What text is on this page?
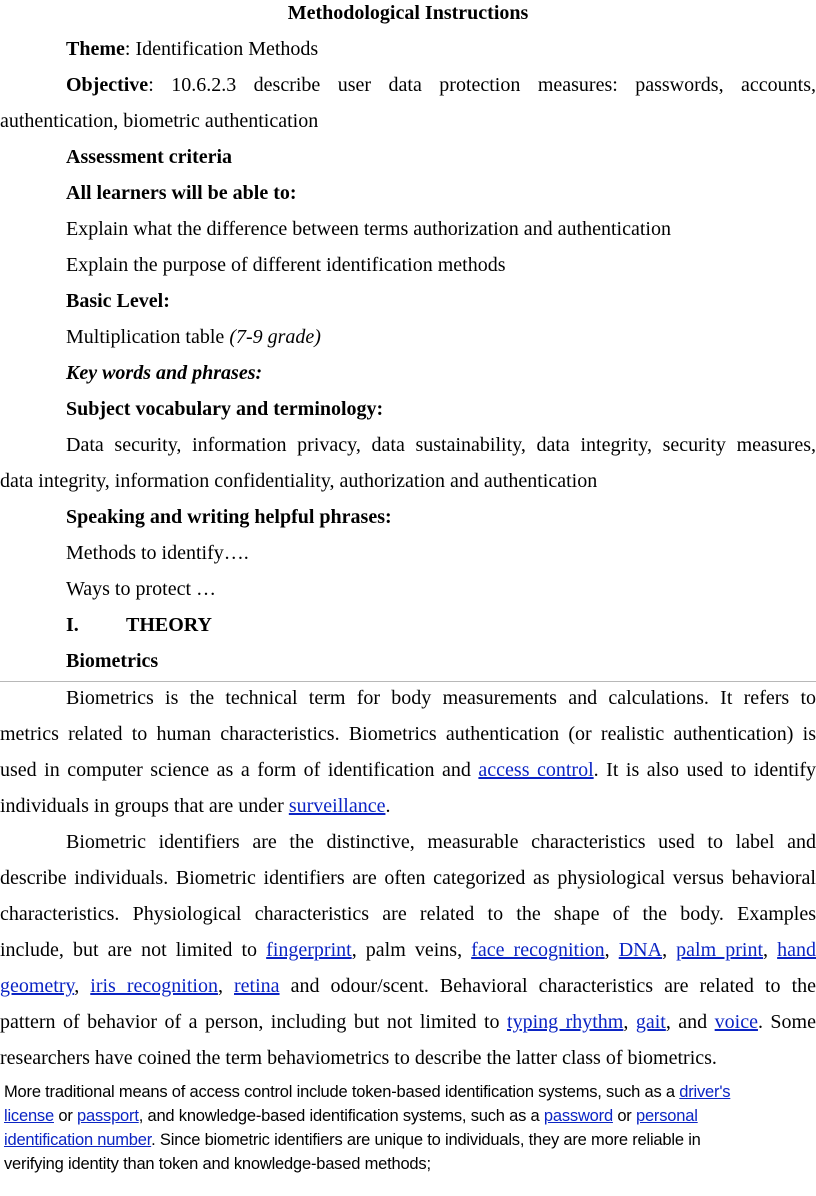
Methodological Instructions
Theme: Identification Methods
Objective: 10.6.2.3 describe user data protection measures: passwords, accounts,
authentication, biometric authentication
Assessment criteria
All learners will be able to:
Explain what the difference between terms authorization and authentication
Explain the purpose of different identification methods
Basic Level:
Multiplication table (7-9 grade)
Key words and phrases:
Subject vocabulary and terminology:
Data security, information privacy, data sustainability, data integrity, security measures,
data integrity, information confidentiality, authorization and authentication
Speaking and writing helpful phrases:
Methods to identify….
Ways to protect …
I. THEORY
Biometrics
Biometrics is the technical term for body measurements and calculations. It refers to
metrics related to human characteristics. Biometrics authentication (or realistic authentication) is
used in computer science as a form of identification and access control. It is also used to identify
individuals in groups that are under surveillance.
Biometric identifiers are the distinctive, measurable characteristics used to label and
describe individuals. Biometric identifiers are often categorized as physiological versus behavioral
characteristics. Physiological characteristics are related to the shape of the body. Examples
include, but are not limited to fingerprint, palm veins, face recognition, DNA, palm print, hand
geometry, iris recognition, retina and odour/scent. Behavioral characteristics are related to the
pattern of behavior of a person, including but not limited to typing rhythm, gait, and voice. Some
researchers have coined the term behaviometrics to describe the latter class of biometrics.
More traditional means of access control include token-based identification systems, such as a driver's
license or passport, and knowledge-based identification systems, such as a password or personal
identification number. Since biometric identifiers are unique to individuals, they are more reliable in
verifying identity than token and knowledge-based methods;
